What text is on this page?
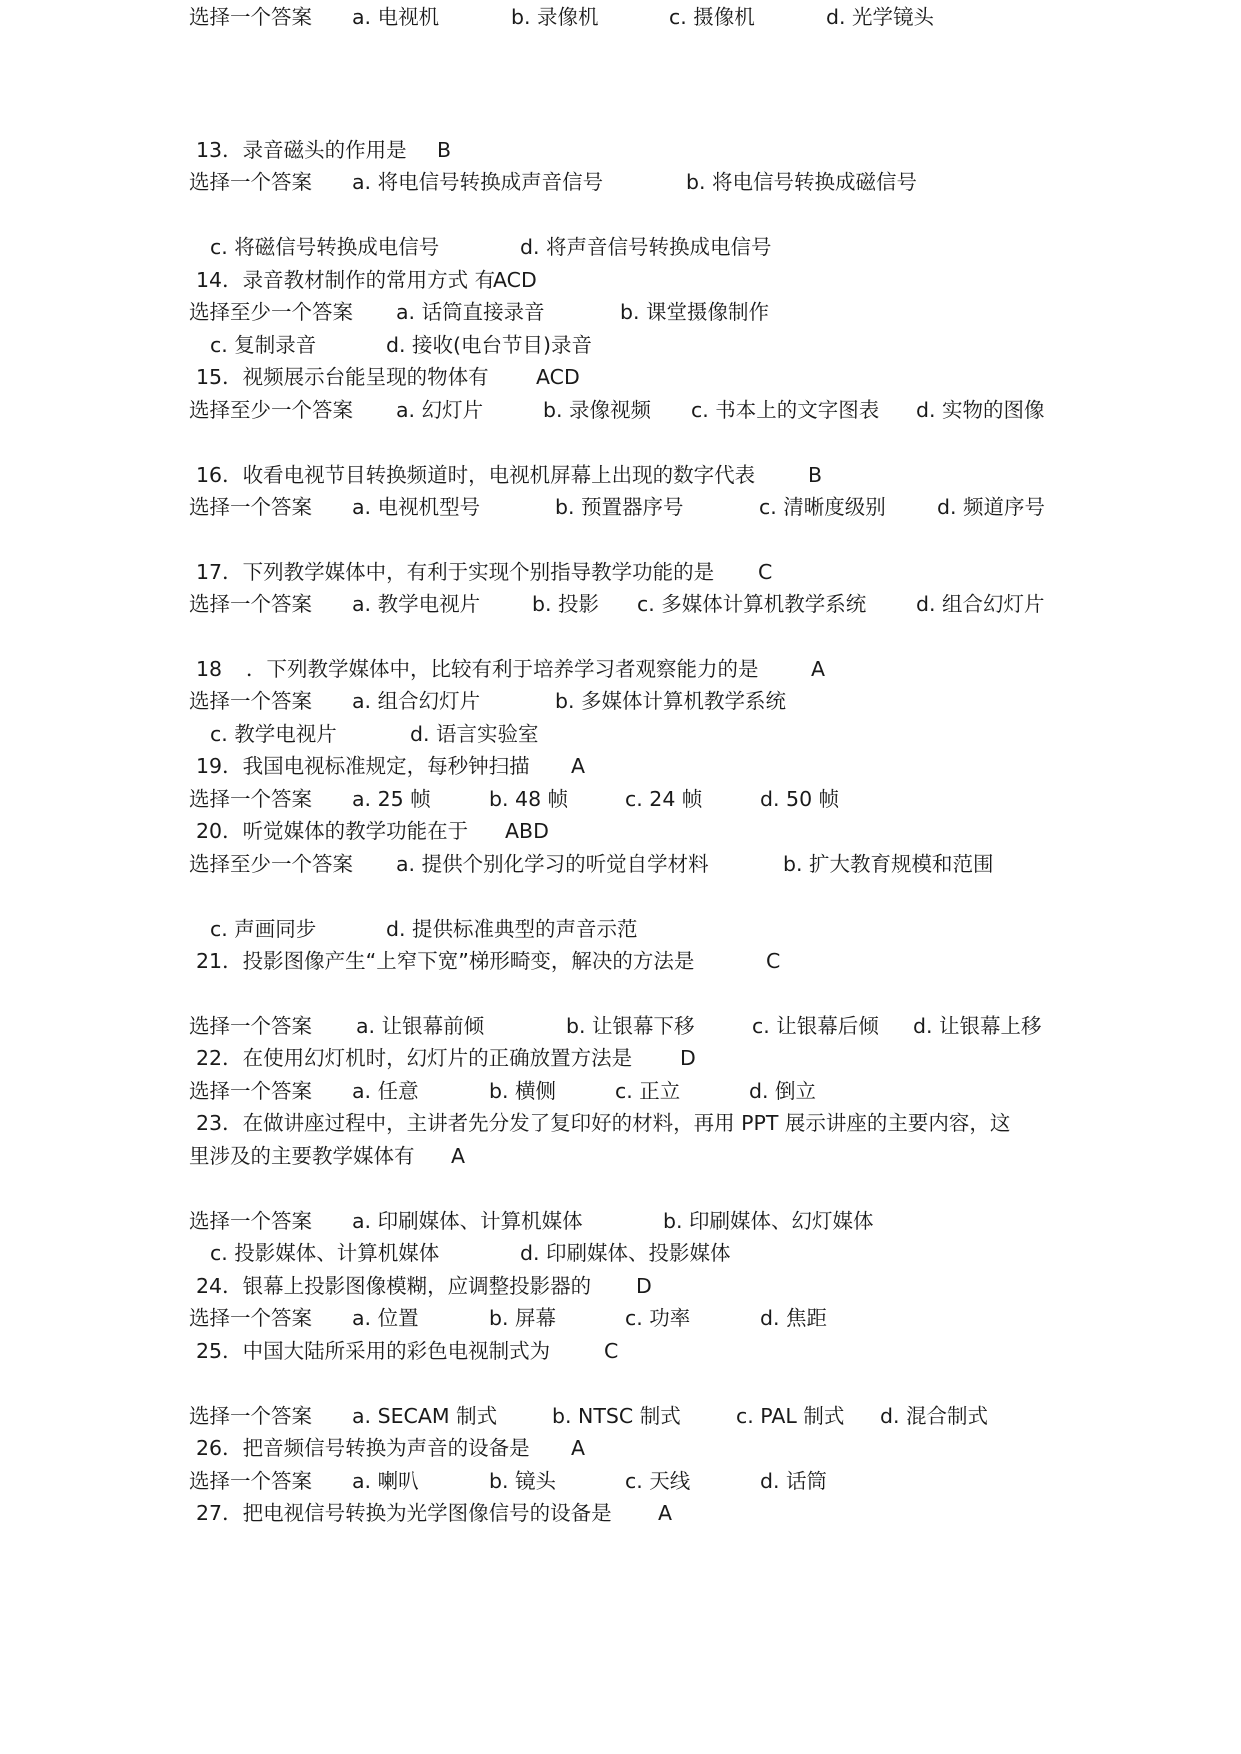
13．录音磁头的作用是 B
选择一个答案 a. 将电信号转换成声音信号	b. 将电信号转换成磁信号
c. 将磁信号转换成电信号	d. 将声音信号转换成电信号
14．录音教材制作的常用方式 有
ACD
选择至少一个答案 a. 话筒直接录音	b. 课堂摄像制作
c. 复制录音	d. 接收(电台节目)录音
15．视频展示台能呈现的物体有 ACD
选择至少一个答案 a. 幻灯片	b. 录像视频 c. 书本上的文字图表 d. 实物的图像
16．收看电视节目转换频道时，电视机屏幕上出现的数字代表	B
选择一个答案 a. 电视机型号	b. 预置器序号	c. 清晰度级别 d. 频道序号
17．下列教学媒体中，有利于实现个别指导教学功能的是 C
选择一个答案 a. 教学电视片	b. 投影 c. 多媒体计算机教学系统 d. 组合幻灯片
18 ．下列教学媒体中，比较有利于培养学习者观察能力的是	A
选择一个答案 a. 组合幻灯片	b. 多媒体计算机教学系统
c. 教学电视片	d. 语言实验室
19．我国电视标准规定，每秒钟扫描 A
选择一个答案 a. 25 帧	b. 48 帧	c. 24 帧	d. 50 帧
20．听觉媒体的教学功能在于 ABD
选择至少一个答案 a. 提供个别化学习的听觉自学材料	b. 扩大教育规模和范围
c. 声画同步	d. 提供标准典型的声音示范
21．投影图像产生“上窄下宽”梯形畸变，解决的方法是	C
选择一个答案 a. 让银幕前倾	b. 让银幕下移	c. 让银幕后倾 d. 让银幕上移
22．在使用幻灯机时，幻灯片的正确放置方法是 D
选择一个答案 a. 任意	b. 横侧	c. 正立	d. 倒立
23．在做讲座过程中，主讲者先分发了复印好的材料，再用 PPT 展示讲座的主要内容，这
里涉及的主要教学媒体有 A
选择一个答案 a. 印刷媒体、计算机媒体	b. 印刷媒体、幻灯媒体
c. 投影媒体、计算机媒体	d. 印刷媒体、投影媒体
24．银幕上投影图像模糊，应调整投影器的 D
选择一个答案 a. 位置	b. 屏幕	c. 功率	d. 焦距
25．中国大陆所采用的彩色电视制式为	C
选择一个答案 a. SECAM 制式	b. NTSC 制式	c. PAL 制式 d. 混合制式
26．把音频信号转换为声音的设备是 A
选择一个答案 a. 喇叭	b. 镜头	c. 天线	d. 话筒
27．把电视信号转换为光学图像信号的设备是 A
选择一个答案 a. 电视机	b. 录像机	c. 摄像机	d. 光学镜头
